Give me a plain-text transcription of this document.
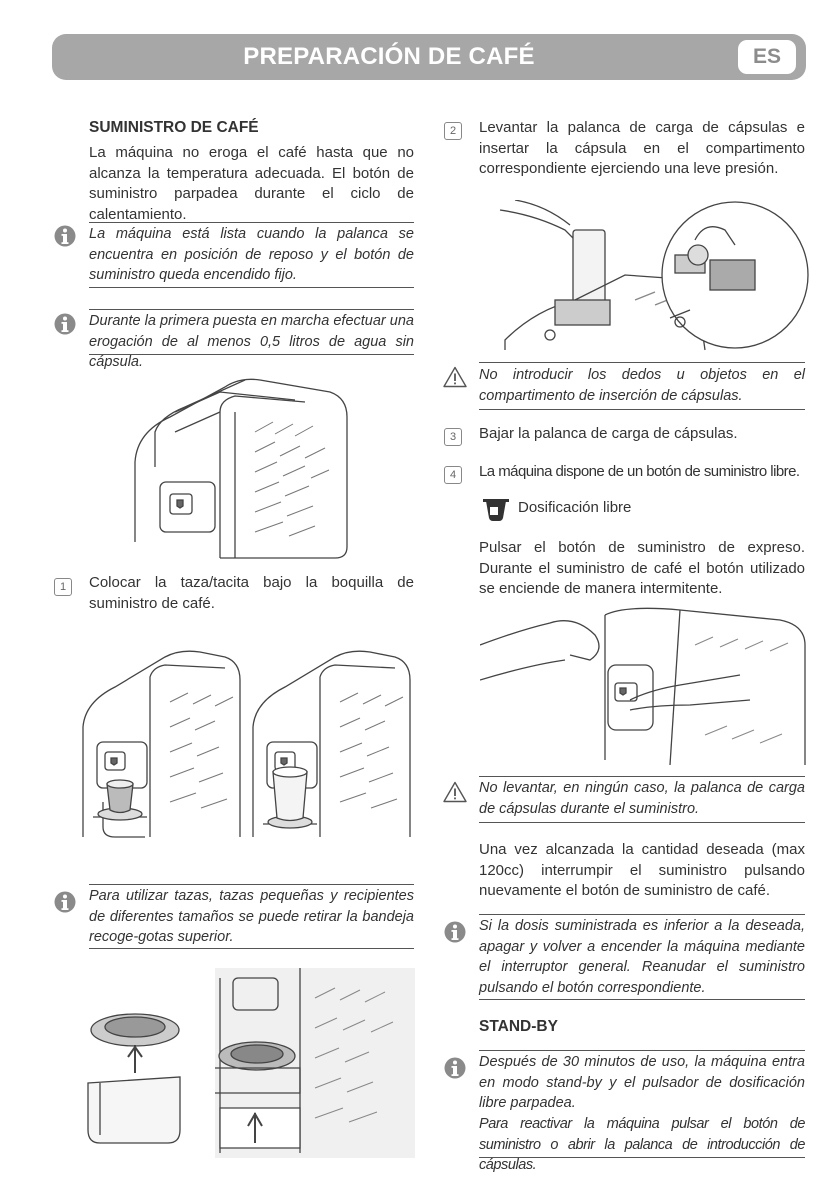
PREPARACIÓN DE CAFÉ	ES
SUMINISTRO DE CAFÉ
La máquina no eroga el café hasta que no alcanza la temperatura adecuada. El botón de suministro parpadea durante el ciclo de calentamiento.
La máquina está lista cuando la palanca se encuentra en posición de reposo y el botón de suministro queda encendido fijo.
Durante la primera puesta en marcha efectuar una erogación de al menos 0,5 litros de agua sin cápsula.
1	Colocar la taza/tacita bajo la boquilla de suministro de café.
Para utilizar tazas, tazas pequeñas y recipientes de diferentes tamaños se puede retirar la bandeja recoge-gotas superior.
2	Levantar la palanca de carga de cápsulas e insertar la cápsula en el compartimento correspondiente ejerciendo una leve presión.
No introducir los dedos u objetos en el compartimento de inserción de cápsulas.
3	Bajar la palanca de carga de cápsulas.
4	La máquina dispone de un botón de suministro libre.
Dosificación libre
Pulsar el botón de suministro de expreso. Durante el suministro de café el botón utilizado se enciende de manera intermitente.
No levantar, en ningún caso, la palanca de carga de cápsulas durante el suministro.
Una vez alcanzada la cantidad deseada (max 120cc) interrumpir el suministro pulsando nuevamente el botón de suministro de café.
Si la dosis suministrada es inferior a la deseada, apagar y volver a encender la máquina mediante el interruptor general. Reanudar el suministro pulsando el botón correspondiente.
STAND-BY
Después de 30 minutos de uso, la máquina entra en modo stand-by y el pulsador de dosificación libre parpadea.
Para reactivar la máquina pulsar el botón de suministro o abrir la palanca de introducción de cápsulas.
